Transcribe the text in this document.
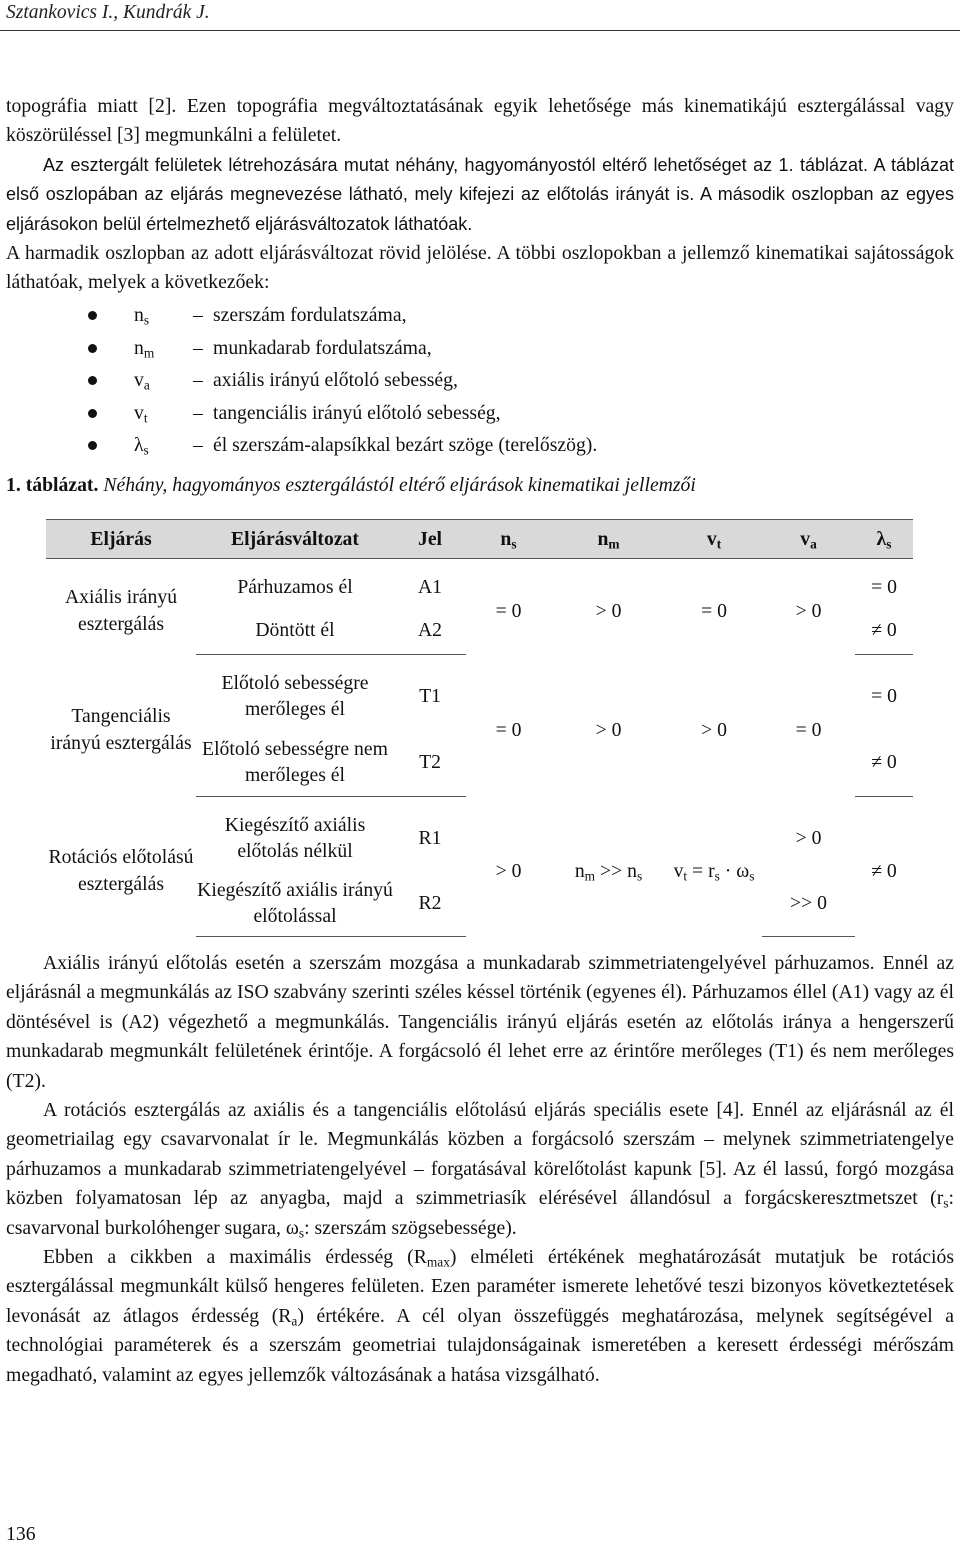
Sztankovics I., Kundrák J.

topográfia miatt [2]. Ezen topográfia megváltoztatásának egyik lehetősége más kinematikájú esztergálással vagy köszörüléssel [3] megmunkálni a felületet.

Az esztergált felületek létrehozására mutat néhány, hagyományostól eltérő lehetőséget az 1. táblázat. A táblázat első oszlopában az eljárás megnevezése látható, mely kifejezi az előtolás irányát is. A második oszlopban az egyes eljárásokon belül értelmezhető eljárásváltozatok láthatóak.

A harmadik oszlopban az adott eljárásváltozat rövid jelölése. A többi oszlopokban a jellemző kinematikai sajátosságok láthatóak, melyek a következőek:

$n_s$ – szerszám fordulatszáma,
$n_m$ – munkadarab fordulatszáma,
$v_a$ – axiális irányú előtoló sebesség,
$v_t$ – tangenciális irányú előtoló sebesség,
$\lambda_s$ – él szerszám-alapsíkkal bezárt szöge (terelőszög).
1. táblázat. Néhány, hagyományos esztergálástól eltérő eljárások kinematikai jellemzői
Eljárás	Eljárásváltozat	Jel	$n_s$	$n_m$	$v_t$	$v_a$	$\lambda_s$

Axiális irányú esztergálás	Párhuzamos él	A1	= 0	> 0	= 0	> 0	= 0
	Döntött él	A2					≠ 0

Tangenciális irányú esztergálás	Előtoló sebességre merőleges él	T1	= 0	> 0	> 0	= 0	= 0
	Előtoló sebességre nem merőleges él	T2					≠ 0

Rotációs előtolású esztergálás	Kiegészítő axiális előtolás nélkül	R1	> 0	$n_m >> n_s$	$v_t = r_s \cdot \omega_s$	> 0	≠ 0
	Kiegészítő axiális irányú előtolással	R2				>> 0	

Axiális irányú előtolás esetén a szerszám mozgása a munkadarab szimmetriatengelyével párhuzamos. Ennél az eljárásnál a megmunkálás az ISO szabvány szerinti széles késsel történik (egyenes él). Párhuzamos éllel (A1) vagy az él döntésével is (A2) végezhető a megmunkálás. Tangenciális irányú eljárás esetén az előtolás iránya a hengerszerű munkadarab megmunkált felületének érintője. A forgácsoló él lehet erre az érintőre merőleges (T1) és nem merőleges (T2).

A rotációs esztergálás az axiális és a tangenciális előtolású eljárás speciális esete [4]. Ennél az eljárásnál az él geometriailag egy csavarvonalat ír le. Megmunkálás közben a forgácsoló szerszám – melynek szimmetriatengelye párhuzamos a munkadarab szimmetriatengelyével – forgatásával körelőtolást kapunk [5]. Az él lassú, forgó mozgása közben folyamatosan lép az anyagba, majd a szimmetriasík elérésével állandósul a forgácskeresztmetszet ($r_s$: csavarvonal burkolóhenger sugara, $\omega_s$: szerszám szögsebessége).

Ebben a cikkben a maximális érdesség $(R_{max})$ elméleti értékének meghatározását mutatjuk be rotációs esztergálással megmunkált külső hengeres felületen. Ezen paraméter ismerete lehetővé teszi bizonyos következtetések levonását az átlagos érdesség $(R_a)$ értékére. A cél olyan összefüggés meghatározása, melynek segítségével a technológiai paraméterek és a szerszám geometriai tulajdonságainak ismeretében a keresett érdességi mérőszám megadható, valamint az egyes jellemzők változásának a hatása vizsgálható.

136
